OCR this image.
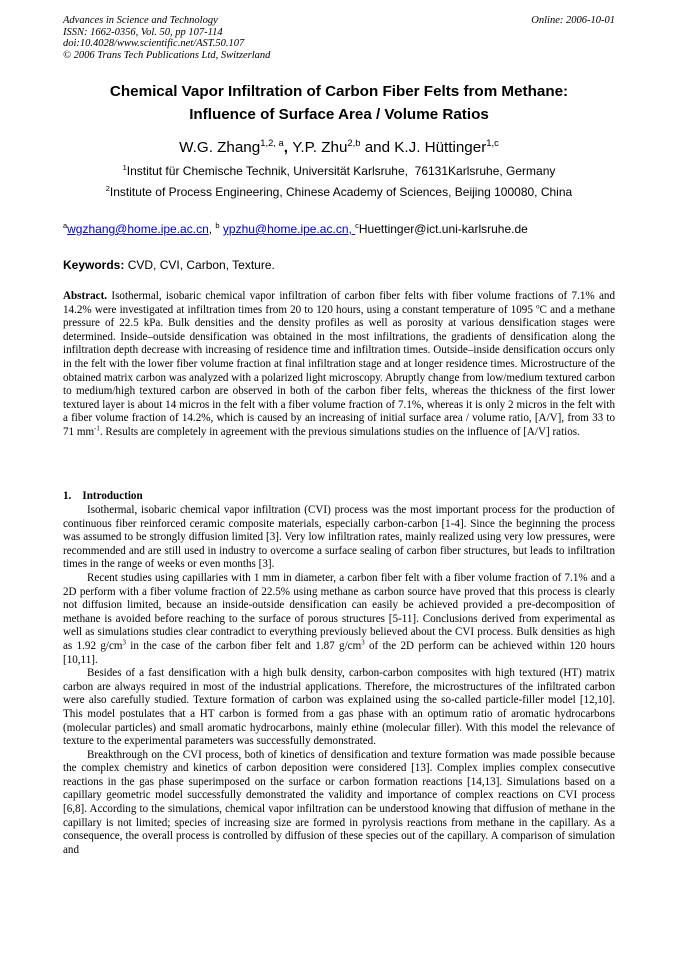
Advances in Science and Technology
ISSN: 1662-0356, Vol. 50, pp 107-114
doi:10.4028/www.scientific.net/AST.50.107
© 2006 Trans Tech Publications Ltd, Switzerland
Online: 2006-10-01
Chemical Vapor Infiltration of Carbon Fiber Felts from Methane:
Influence of Surface Area / Volume Ratios
W.G. Zhang$^{1,2, a}$, Y.P. Zhu$^{2,b}$ and K.J. Hüttinger$^{1,c}$
$^1$Institut für Chemische Technik, Universität Karlsruhe,  76131Karlsruhe, Germany
$^2$Institute of Process Engineering, Chinese Academy of Sciences, Beijing 100080, China
$^a$wgzhang@home.ipe.ac.cn, $^b$ ypzhu@home.ipe.ac.cn, $^c$Huettinger@ict.uni-karlsruhe.de
Keywords: CVD, CVI, Carbon, Texture.
Abstract. Isothermal, isobaric chemical vapor infiltration of carbon fiber felts with fiber volume fractions of 7.1% and 14.2% were investigated at infiltration times from 20 to 120 hours, using a constant temperature of 1095 $^o$C and a methane pressure of 22.5 kPa. Bulk densities and the density profiles as well as porosity at various densification stages were determined. Inside–outside densification was obtained in the most infiltrations, the gradients of densification along the infiltration depth decrease with increasing of residence time and infiltration times. Outside–inside densification occurs only in the felt with the lower fiber volume fraction at final infiltration stage and at longer residence times. Microstructure of the obtained matrix carbon was analyzed with a polarized light microscopy. Abruptly change from low/medium textured carbon to medium/high textured carbon are observed in both of the carbon fiber felts, whereas the thickness of the first lower textured layer is about 14 micros in the felt with a fiber volume fraction of 7.1%, whereas it is only 2 micros in the felt with a fiber volume fraction of 14.2%, which is caused by an increasing of initial surface area / volume ratio, [A/V], from 33 to 71 $mm^{-1}$. Results are completely in agreement with the previous simulations studies on the influence of [A/V] ratios.
1. Introduction

Isothermal, isobaric chemical vapor infiltration (CVI) process was the most important process for the production of continuous fiber reinforced ceramic composite materials, especially carbon-carbon [1-4]. Since the beginning the process was assumed to be strongly diffusion limited [3]. Very low infiltration rates, mainly realized using very low pressures, were recommended and are still used in industry to overcome a surface sealing of carbon fiber structures, but leads to infiltration times in the range of weeks or even months [3].

Recent studies using capillaries with 1 mm in diameter, a carbon fiber felt with a fiber volume fraction of 7.1% and a 2D perform with a fiber volume fraction of 22.5% using methane as carbon source have proved that this process is clearly not diffusion limited, because an inside-outside densification can easily be achieved provided a pre-decomposition of methane is avoided before reaching to the surface of porous structures [5-11]. Conclusions derived from experimental as well as simulations studies clear contradict to everything previously believed about the CVI process. Bulk densities as high as 1.92 $g/cm^3$ in the case of the carbon fiber felt and 1.87 $g/cm^3$ of the 2D perform can be achieved within 120 hours [10,11].

Besides of a fast densification with a high bulk density, carbon-carbon composites with high textured (HT) matrix carbon are always required in most of the industrial applications. Therefore, the microstructures of the infiltrated carbon were also carefully studied. Texture formation of carbon was explained using the so-called particle-filler model [12,10]. This model postulates that a HT carbon is formed from a gas phase with an optimum ratio of aromatic hydrocarbons (molecular particles) and small aromatic hydrocarbons, mainly ethine (molecular filler). With this model the relevance of texture to the experimental parameters was successfully demonstrated.

Breakthrough on the CVI process, both of kinetics of densification and texture formation was made possible because the complex chemistry and kinetics of carbon deposition were considered [13]. Complex implies complex consecutive reactions in the gas phase superimposed on the surface or carbon formation reactions [14,13]. Simulations based on a capillary geometric model successfully demonstrated the validity and importance of complex reactions on CVI process [6,8]. According to the simulations, chemical vapor infiltration can be understood knowing that diffusion of methane in the capillary is not limited; species of increasing size are formed in pyrolysis reactions from methane in the capillary. As a consequence, the overall process is controlled by diffusion of these species out of the capillary. A comparison of simulation and
